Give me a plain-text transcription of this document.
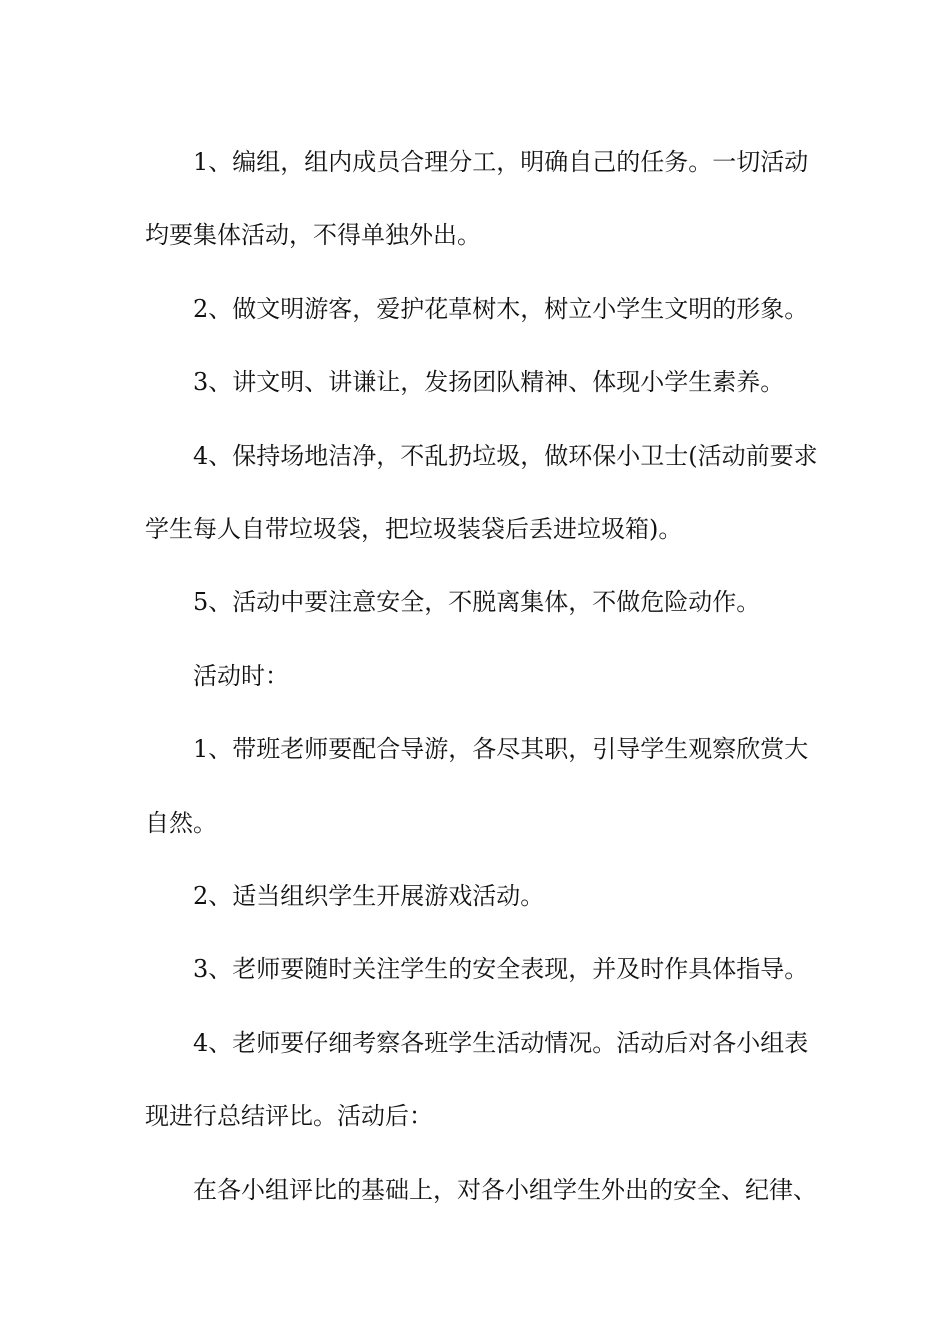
1、编组，组内成员合理分工，明确自己的任务。一切活动均要集体活动，不得单独外出。

2、做文明游客，爱护花草树木，树立小学生文明的形象。

3、讲文明、讲谦让，发扬团队精神、体现小学生素养。

4、保持场地洁净，不乱扔垃圾，做环保小卫士(活动前要求学生每人自带垃圾袋，把垃圾装袋后丢进垃圾箱)。

5、活动中要注意安全，不脱离集体，不做危险动作。

活动时：

1、带班老师要配合导游，各尽其职，引导学生观察欣赏大自然。

2、适当组织学生开展游戏活动。

3、老师要随时关注学生的安全表现，并及时作具体指导。

4、老师要仔细考察各班学生活动情况。活动后对各小组表现进行总结评比。活动后：

在各小组评比的基础上，对各小组学生外出的安全、纪律、
